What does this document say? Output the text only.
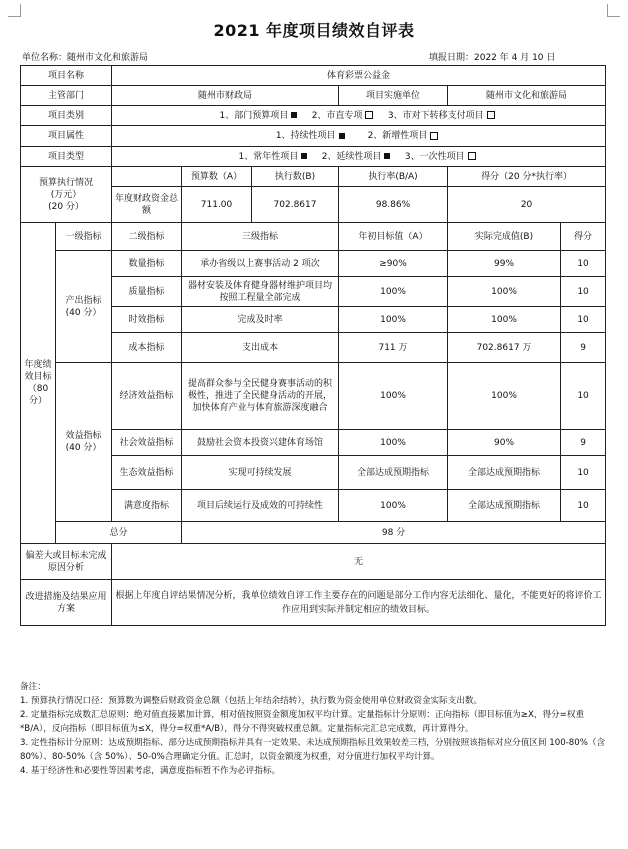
2021 年度项目绩效自评表
单位名称：随州市文化和旅游局	填报日期：2022 年 4 月 10 日
项目名称		体育彩票公益金					
主管部门		随州市财政局			项目实施单位	随州市文化和旅游局	
项目类别		1、部门预算项目 2、市直专项 3、市对下转移支付项目					
项目属性		1、持续性项目 2、新增性项目					
项目类型		1、常年性项目 2、延续性项目 3、一次性项目					

预算执行情况
(万元）
(20 分）			预算数（A）	执行数(B)	执行率(B/A)	得分（20 分*执行率）	
		年度财政资金总额	711.00	702.8617	98.86%	20	
年度绩效目标（80 分）	一级指标	二级指标	三级指标		年初目标值（A）	实际完成值(B)	得分

	产出指标
(40 分）	数量指标	承办省级以上赛事活动 2 项次		≥90%	99%	10
		质量指标	器材安装及体育健身器材维护项目均按照工程量全部完成		100%	100%	10
		时效指标	完成及时率		100%	100%	10
		成本指标	支出成本		711 万	702.8617 万	9

	效益指标
(40 分）	经济效益指标	提高群众参与全民健身赛事活动的积极性，推进了全民健身活动的开展，加快体育产业与体育旅游深度融合		100%	100%	10
		社会效益指标	鼓励社会资本投资兴建体育场馆		100%	90%	9
		生态效益指标	实现可持续发展		全部达成预期指标	全部达成预期指标	10
		满意度指标	项目后续运行及成效的可持续性		100%	全部达成预期指标	10
	总分		98 分				
偏差大或目标未完成原因分析		无					
改进措施及结果应用方案		根据上年度自评结果情况分析，我单位绩效自评工作主要存在的问题是部分工作内容无法细化、量化，不能更好的将评价工作应用到实际并制定相应的绩效目标。					

备注：

1. 预算执行情况口径：预算数为调整后财政资金总额（包括上年结余结转），执行数为资金使用单位财政资金实际支出数。

2. 定量指标完成数汇总原则：绝对值直接累加计算，相对值按照资金额度加权平均计算。定量指标计分原则：正向指标（即目标值为≥X，得分=权重*B/A），反向指标（即目标值为≤X，得分=权重*A/B），得分不得突破权重总额。定量指标完汇总完成数，再计算得分。

3. 定性指标计分原则：达成预期指标、部分达成预期指标并具有一定效果、未达成预期指标且效果较差三档，分别按照该指标对应分值区间 100-80%（含 80%）、80-50%（含 50%）、50-0%合理确定分值。汇总时，以资金额度为权重，对分值进行加权平均计算。

4. 基于经济性和必要性等因素考虑，满意度指标暂不作为必评指标。
